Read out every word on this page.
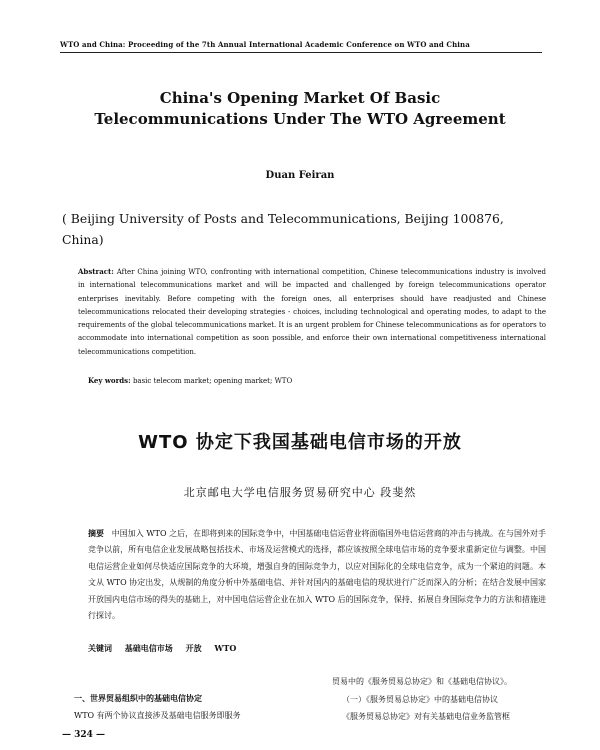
WTO and China: Proceeding of the 7th Annual International Academic Conference on WTO and China
China's Opening Market Of Basic Telecommunications Under The WTO Agreement
Duan Feiran
( Beijing University of Posts and Telecommunications, Beijing 100876, China)
Abstract: After China joining WTO, confronting with international competition, Chinese telecommunications industry is involved in international telecommunications market and will be impacted and challenged by foreign telecommunications operator enterprises inevitably. Before competing with the foreign ones, all enterprises should have readjusted and Chinese telecommunications relocated their developing strategies - choices, including technological and operating modes, to adapt to the requirements of the global telecommunications market. It is an urgent problem for Chinese telecommunications as for operators to accommodate into international competition as soon possible, and enforce their own international competitiveness international telecommunications competition.
Key words: basic telecom market; opening market; WTO
WTO 协定下我国基础电信市场的开放
北京邮电大学电信服务贸易研究中心 段斐然
摘要 中国加入 WTO 之后，在即将到来的国际竞争中，中国基础电信运营业将面临国外电信运营商的冲击与挑战。在与国外对手竞争以前，所有电信企业发展战略包括技术、市场及运营模式的选择，都应该按照全球电信市场的竞争要求重新定位与调整。中国电信运营企业如何尽快适应国际竞争的大环境，增强自身的国际竞争力，以应对国际化的全球电信竞争，成为一个紧迫的问题。本文从 WTO 协定出发，从规制的角度分析中外基础电信、并针对国内的基础电信的现状进行广泛而深入的分析；在结合发展中国家开放国内电信市场的得失的基础上，对中国电信运营企业在加入 WTO 后的国际竞争，保持、拓展自身国际竞争力的方法和措施进行探讨。
关键词 基础电信市场 开放 WTO
一、世界贸易组织中的基础电信协定
WTO 有两个协议直接涉及基础电信服务即服务
贸易中的《服务贸易总协定》和《基础电信协议》。
（一）《服务贸易总协定》中的基础电信协议
《服务贸易总协定》对有关基础电信业务监管框
— 324 —
